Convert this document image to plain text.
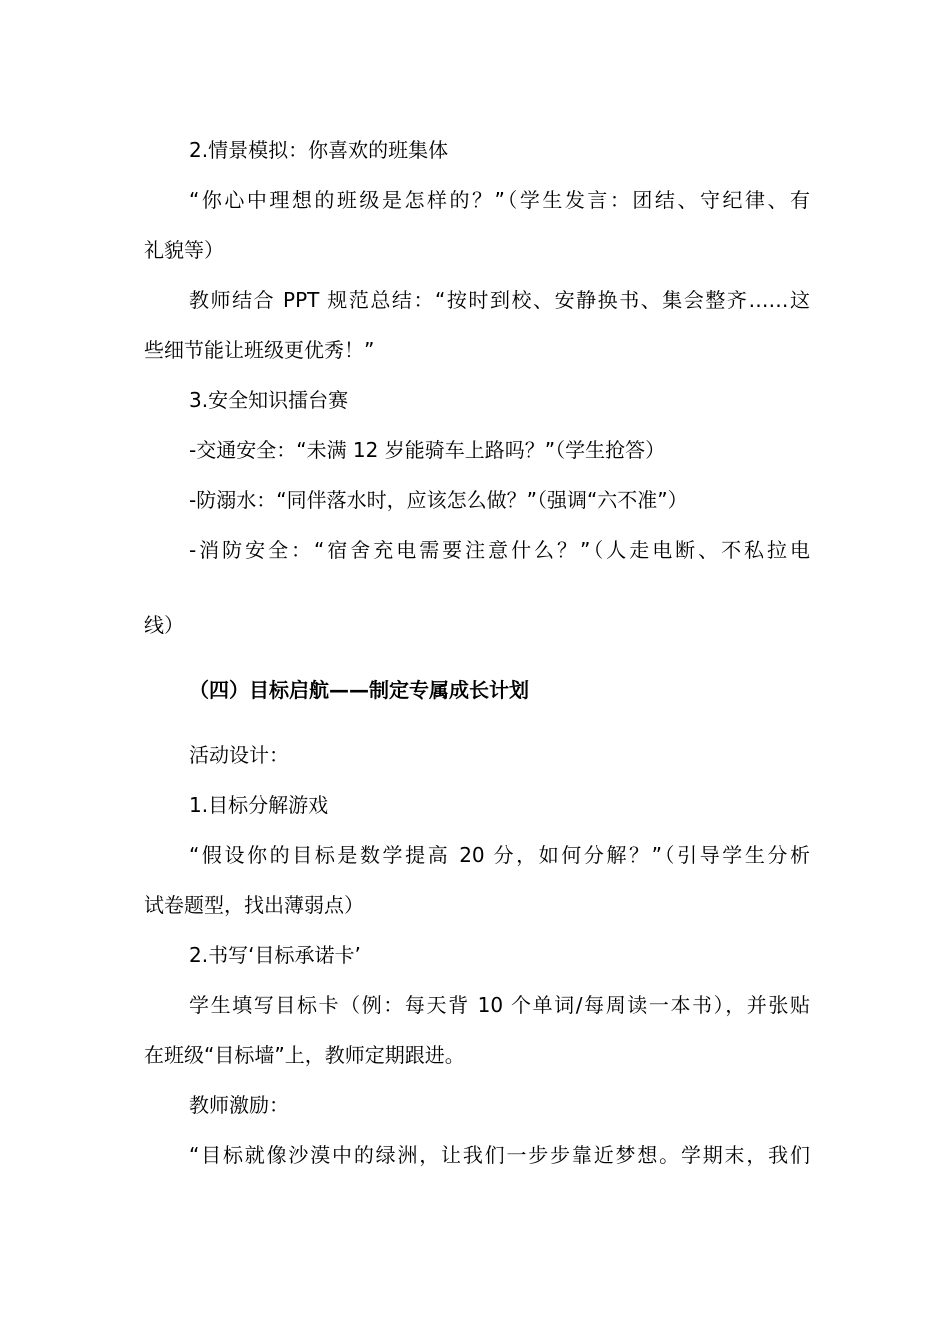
2.情景模拟：你喜欢的班集体
“你心中理想的班级是怎样的？”（学生发言：团结、守纪律、有
礼貌等）
教师结合 PPT 规范总结：“按时到校、安静换书、集会整齐……这
些细节能让班级更优秀！”
3.安全知识擂台赛
-交通安全：“未满 12 岁能骑车上路吗？”（学生抢答）
-防溺水：“同伴落水时，应该怎么做？”（强调“六不准”）
-消防安全：“宿舍充电需要注意什么？”（人走电断、不私拉电
线）
（四）目标启航——制定专属成长计划
活动设计：
1.目标分解游戏
“假设你的目标是数学提高 20 分，如何分解？”（引导学生分析
试卷题型，找出薄弱点）
2.书写‘目标承诺卡’
学生填写目标卡（例：每天背 10 个单词/每周读一本书），并张贴
在班级“目标墙”上，教师定期跟进。
教师激励：
“目标就像沙漠中的绿洲，让我们一步步靠近梦想。学期末，我们
